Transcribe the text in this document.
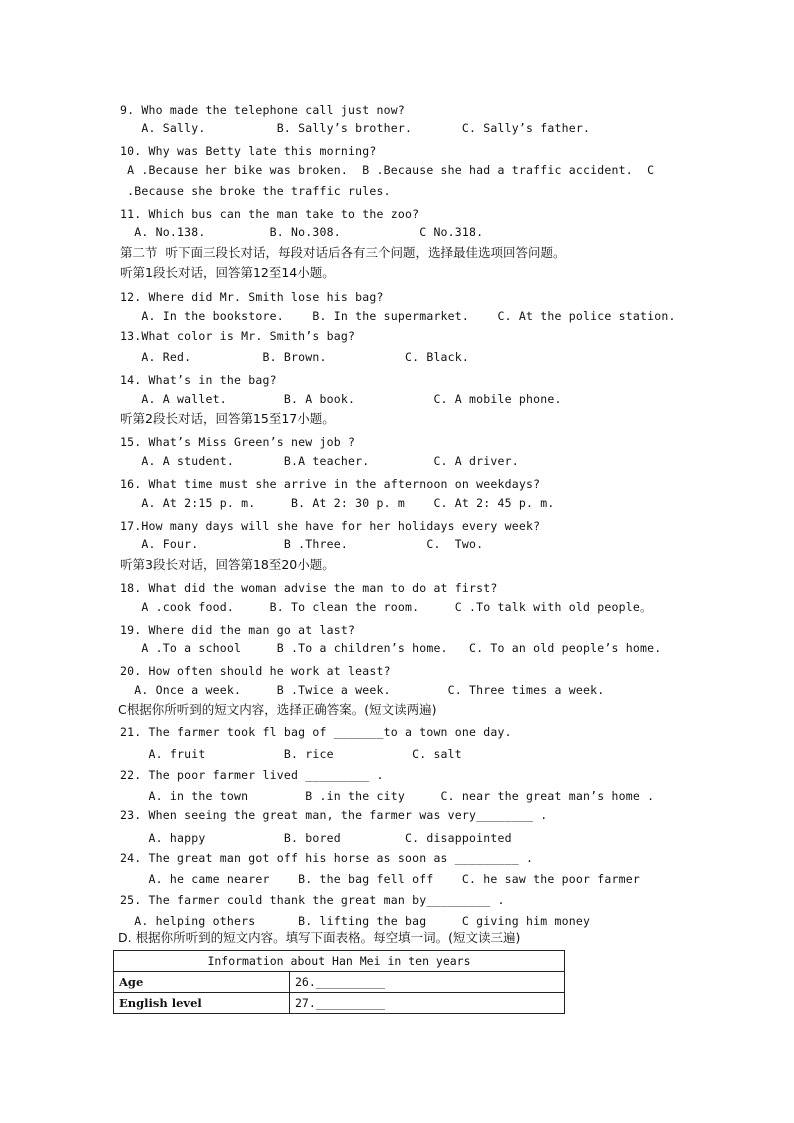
9. Who made the telephone call just now?
A. Sally.          B. Sally’s brother.       C. Sally’s father.
10. Why was Betty late this morning?
A .Because her bike was broken.  B .Because she had a traffic accident.  C
.Because she broke the traffic rules.
11. Which bus can the man take to the zoo?
A. No.138.         B. No.308.           C No.318.
第二节  听下面三段长对话，每段对话后各有三个问题，选择最佳选项回答问题。
听第1段长对话，回答第12至14小题。
12. Where did Mr. Smith lose his bag?
A. In the bookstore.    B. In the supermarket.    C. At the police station.
13.What color is Mr. Smith’s bag?
A. Red.          B. Brown.           C. Black.
14. What’s in the bag?
A. A wallet.        B. A book.           C. A mobile phone.
听第2段长对话，回答第15至17小题。
15. What’s Miss Green’s new job ?
A. A student.       B.A teacher.         C. A driver.
16. What time must she arrive in the afternoon on weekdays?
A. At 2:15 p. m.     B. At 2: 30 p. m    C. At 2: 45 p. m.
17.How many days will she have for her holidays every week?
A. Four.            B .Three.           C.  Two.
听第3段长对话，回答第18至20小题。
18. What did the woman advise the man to do at first?
A .cook food.     B. To clean the room.     C .To talk with old people。
19. Where did the man go at last?
A .To a school     B .To a children’s home.   C. To an old people’s home.
20. How often should he work at least?
A. Once a week.     B .Twice a week.        C. Three times a week.
C根据你所听到的短文内容，选择正确答案。(短文读两遍)
21. The farmer took fl bag of _______to a town one day.
A. fruit           B. rice           C. salt
22. The poor farmer lived _________ .
A. in the town        B .in the city     C. near the great man’s home .
23. When seeing the great man, the farmer was very________ .
A. happy           B. bored         C. disappointed
24. The great man got off his horse as soon as _________ .
A. he came nearer    B. the bag fell off    C. he saw the poor farmer
25. The farmer could thank the great man by_________ .
A. helping others      B. lifting the bag     C giving him money
D. 根据你所听到的短文内容。填写下面表格。每空填一词。(短文读三遍)
Information about Han Mei in ten years	
Age	26.__________
English level	27.__________
